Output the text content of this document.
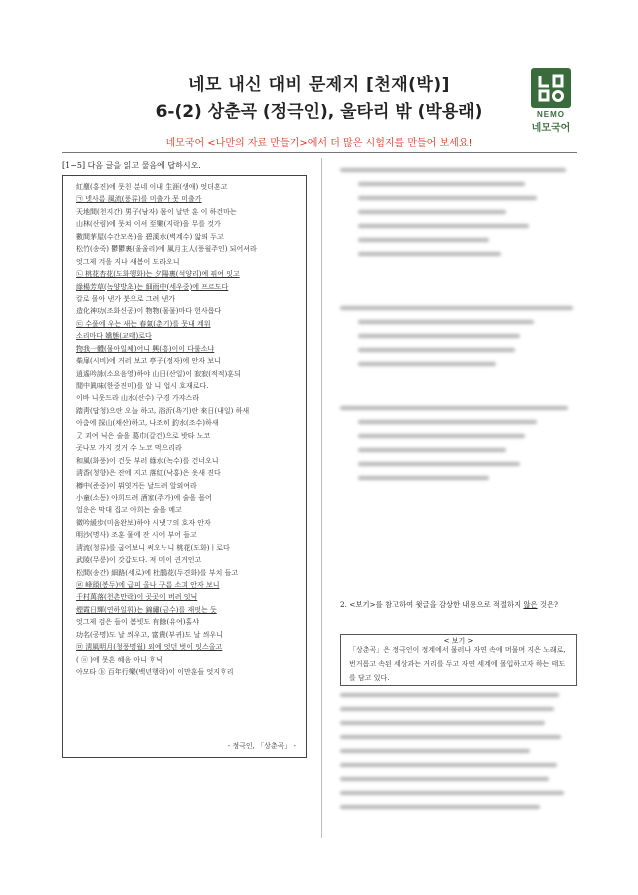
네모 내신 대비 문제지 [천재(박)]
6-(2) 상춘곡 (정극인), 울타리 밖 (박용래)
네모국어 <나만의 자료 만들기>에서 더 많은 시험지를 만들어 보세요!
NEMO
네모국어
[1~5] 다음 글을 읽고 물음에 답하시오.
紅塵(홍진)에 뭇친 분네 이내 生涯(생애) 엇더혼고
㉠ 녯사름 風流(풍류)를 미출가 못 미출가
天地間(천지간) 男子(남자) 몸이 날만 훈 이 하건마는
山林(산림)에 뭇쳐 이셔 至樂(지락)을 무를 것가
數間茅屋(수간모옥)을 碧溪水(벽계수) 앏픠 두고
松竹(송죽) 鬱鬱裏(울울리)에 風月主人(풍월주인) 되어셔라
엇그제 겨을 지나 새봄이 도라오니
㉡ 桃花杏花(도화행화)는 夕陽裏(석양리)예 퓌여 잇고
綠楊芳草(녹양방초)는 細雨中(세우중)에 프르도다
칼로 몰아 낸가 붓으로 그려 낸가
造化神功(조화신공)이 物物(물물)마다 헌사롭다
㉢ 수풀에 우는 새는 春氣(춘기)를 뭇내 계워
소리마다 嬌態(교태)로다
物我一體(물아일체)어니 興(흥)이이 다룰소냐
柴扉(시비)에 거러 보고 亭子(정자)에 안자 보니
逍遙吟詠(소요음영)하야 山日(산일)이 寂寂(적적)훈듸
閒中眞味(한중진미)를 알 니 업시 호재로다.
이바 니웃드라 山水(산수) 구경 가쟈스라
踏靑(답청)으란 오늘 하고, 浴沂(욕기)란 來日(내일) 하새
아춤에 採山(채산)하고, 나조히 釣水(조수)하새
ᄀᆞᆺ 괴여 닉은 술을 葛巾(갈건)으로 밧타 노코
곳나모 가지 것거 수 노코 먹으리라
和風(화풍)이 건듯 부러 綠水(녹수)를 건너오니
淸香(청향)은 잔에 지고 落紅(낙홍)은 옷새 진다
樽中(준중)이 뷔엿거든 날드려 알외여라
小童(소동) 아희드려 酒家(주가)에 술을 믈어
얼운은 막대 집고 아희는 술을 메고
微吟緩步(미음완보)하야 시냇ᄀᆞ의 호자 안자
明沙(명사) 조훈 물에 잔 시어 부어 들고
淸流(청류)를 굽어보니 써오ᄂᆞ니 桃花(도화)ㅣ로다
武陵(무릉)이 갓갑도다. 져 미이 긘거인고
松間(송간) 細路(세로)에 杜鵑花(두견화)를 부치 들고
㉣ 峰頭(봉두)에 급피 올나 구름 소긔 안자 보니
千村萬落(천촌만락)이 곳곳이 버려 잇닉
煙霞日輝(연하일휘)는 錦繡(금수)를 재펏는 듯
엇그제 검은 들이 봄빗도 有餘(유여)홀샤
功名(공명)도 날 씌우고, 富貴(부귀)도 날 씌우니
㉤ 淸風明月(청풍명월) 외예 엇던 벗이 잇스올고
( ⓐ )에 못흔 혜음 아니 ᄒᆞ닉
아모타 ⓑ 百年行樂(백년행락)이 이만훈들 엇지ᄒᆞ리
- 정극인, 「상춘곡」 -
2. <보기>를 참고하여 윗글을 감상한 내용으로 적절하지 않은 것은?
< 보기 >
「상춘곡」은 정극인이 정계에서 물러나 자연 속에 머물며 지은 노래로, 번거롭고 속된 세상과는 거리를 두고 자연 세계에 몰입하고자 하는 태도를 담고 있다.
